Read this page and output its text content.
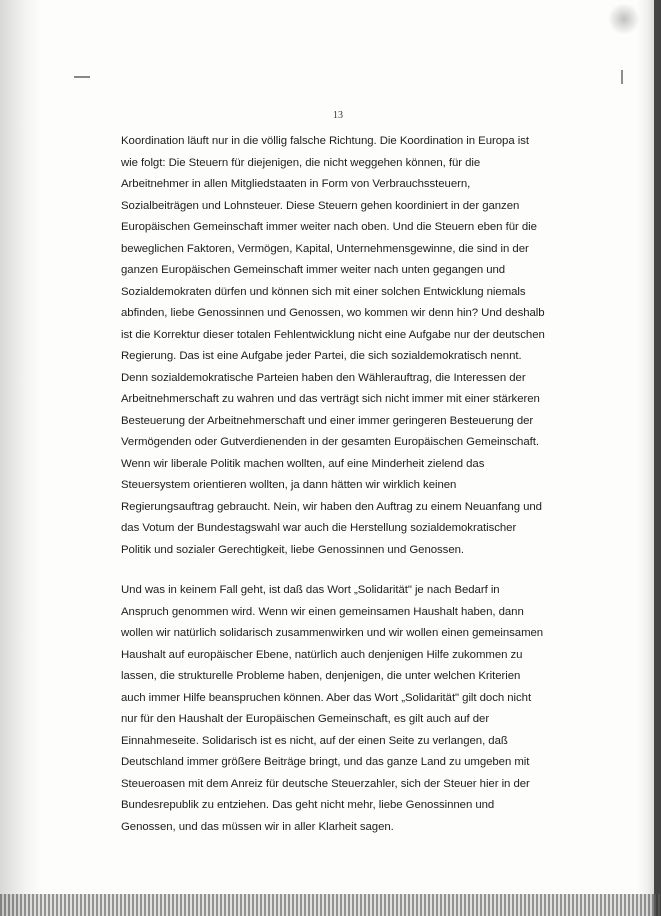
13
Koordination läuft nur in die völlig falsche Richtung. Die Koordination in Europa ist
wie folgt: Die Steuern für diejenigen, die nicht weggehen können, für die
Arbeitnehmer in allen Mitgliedstaaten in Form von Verbrauchssteuern,
Sozialbeiträgen und Lohnsteuer. Diese Steuern gehen koordiniert in der ganzen
Europäischen Gemeinschaft immer weiter nach oben. Und die Steuern eben für die
beweglichen Faktoren, Vermögen, Kapital, Unternehmensgewinne, die sind in der
ganzen Europäischen Gemeinschaft immer weiter nach unten gegangen und
Sozialdemokraten dürfen und können sich mit einer solchen Entwicklung niemals
abfinden, liebe Genossinnen und Genossen, wo kommen wir denn hin? Und deshalb
ist die Korrektur dieser totalen Fehlentwicklung nicht eine Aufgabe nur der deutschen
Regierung. Das ist eine Aufgabe jeder Partei, die sich sozialdemokratisch nennt.
Denn sozialdemokratische Parteien haben den Wählerauftrag, die Interessen der
Arbeitnehmerschaft zu wahren und das verträgt sich nicht immer mit einer stärkeren
Besteuerung der Arbeitnehmerschaft und einer immer geringeren Besteuerung der
Vermögenden oder Gutverdienenden in der gesamten Europäischen Gemeinschaft.
Wenn wir liberale Politik machen wollten, auf eine Minderheit zielend das
Steuersystem orientieren wollten, ja dann hätten wir wirklich keinen
Regierungsauftrag gebraucht. Nein, wir haben den Auftrag zu einem Neuanfang und
das Votum der Bundestagswahl war auch die Herstellung sozialdemokratischer
Politik und sozialer Gerechtigkeit, liebe Genossinnen und Genossen.
Und was in keinem Fall geht, ist daß das Wort „Solidarität" je nach Bedarf in
Anspruch genommen wird. Wenn wir einen gemeinsamen Haushalt haben, dann
wollen wir natürlich solidarisch zusammenwirken und wir wollen einen gemeinsamen
Haushalt auf europäischer Ebene, natürlich auch denjenigen Hilfe zukommen zu
lassen, die strukturelle Probleme haben, denjenigen, die unter welchen Kriterien
auch immer Hilfe beanspruchen können. Aber das Wort „Solidarität" gilt doch nicht
nur für den Haushalt der Europäischen Gemeinschaft, es gilt auch auf der
Einnahmeseite. Solidarisch ist es nicht, auf der einen Seite zu verlangen, daß
Deutschland immer größere Beiträge bringt, und das ganze Land zu umgeben mit
Steueroasen mit dem Anreiz für deutsche Steuerzahler, sich der Steuer hier in der
Bundesrepublik zu entziehen. Das geht nicht mehr, liebe Genossinnen und
Genossen, und das müssen wir in aller Klarheit sagen.
